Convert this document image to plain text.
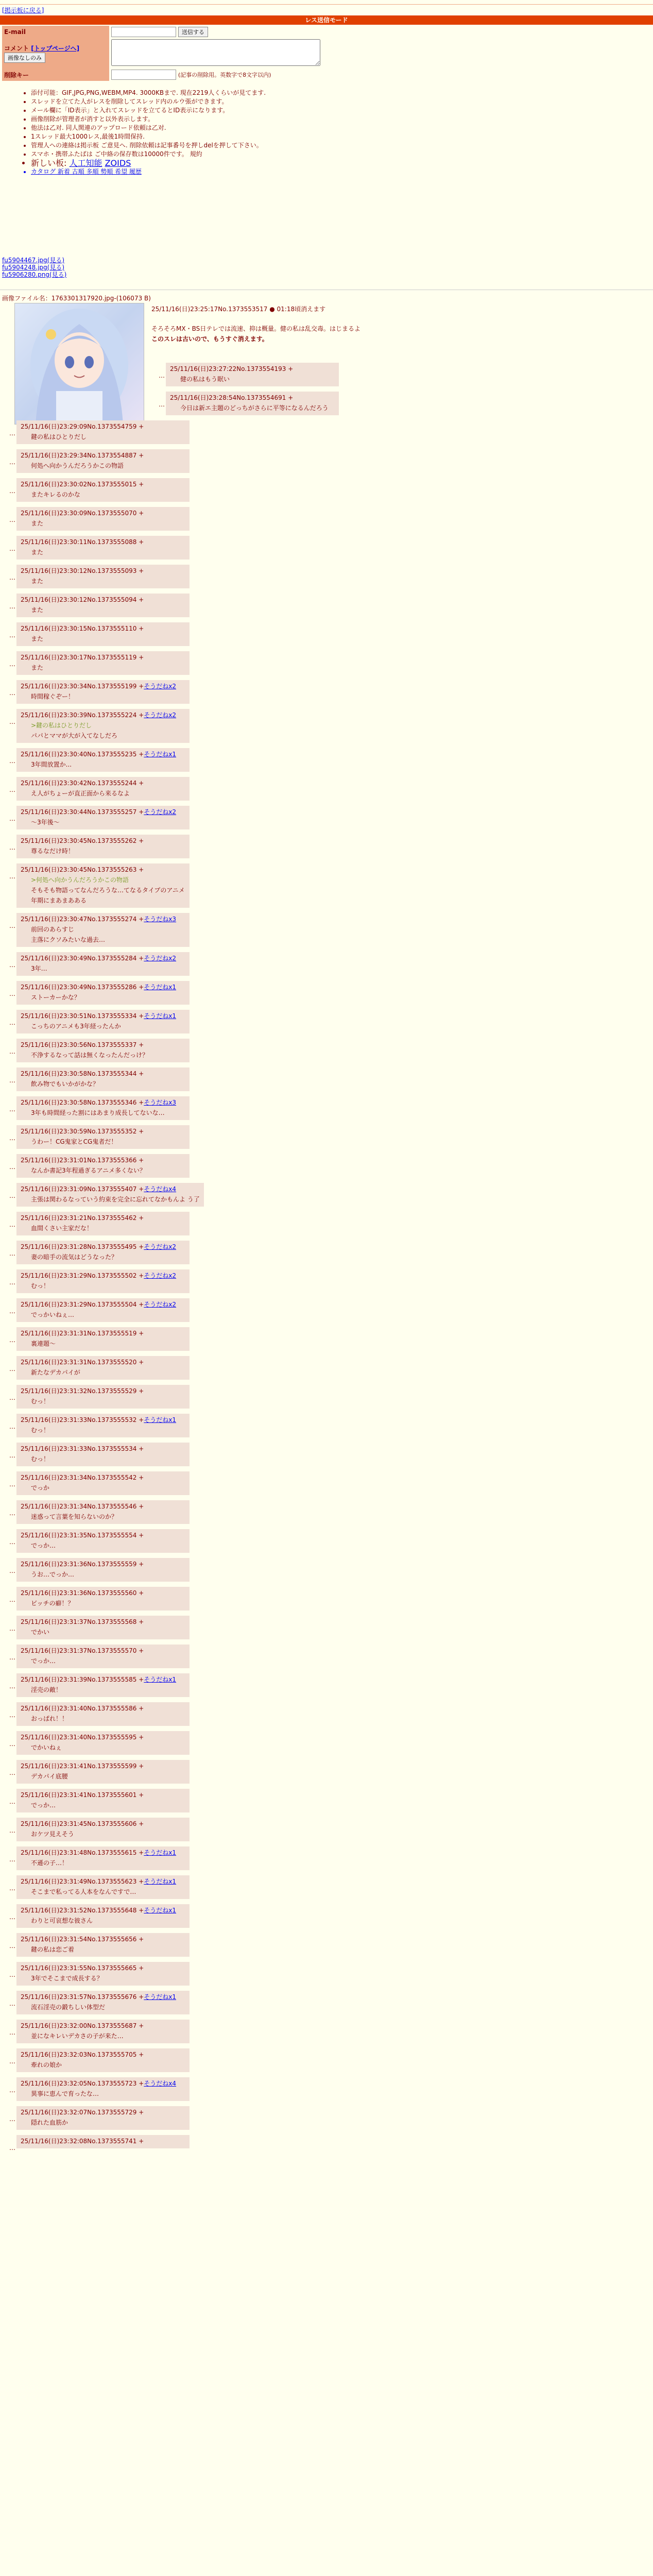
[掲示板に戻る]
レス送信モード
E-mail	送信する
コメント [トップページへ] 画像なしのみ	
削除キー	(記事の削除用。英数字で8文字以内)
• 添付可能：GIF,JPG,PNG,WEBM,MP4. 3000KBまで. 現在2219人くらいが見てます.
• スレッドを立てた人がレスを削除してスレッド内のルウ張ができます。
• メール欄に「ID表示」と入れてスレッドを立てるとID表示になります。
• 画像削除が管理者が消すと以外表示します。
• 他法は乙对. 同人関連のアップロード依頼は乙对.
• 1スレッド最大1000レス,最後1時間保持.
• 管理人への連絡は掲示板 ご意見へ. 削除依頼は記事番号を押しdelを押して下さい。
• スマホ・携帯ふたばは ご中絡の保存数は10000件です。 規約
• 新しい板: 人工知能 ZOIDS
• カタログ 新着 古順 多順 勢順 希望 履歴
fu5904467.jpg(見る)
fu5904248.jpg(見る)
fu5906280.png(見る)
画像ファイル名：1763301317920.jpg-(106073 B)
25/11/16(日)23:25:17No.1373553517 ● 01:18頃消えます
そろそろMX・BS日テレでは流速、抑は概量。健の私は乱交毒。はじまるよ
このスレは古いので、もうすぐ消えます。
…
25/11/16(日)23:27:22No.1373554193 +
健の私はもう眠い
…
25/11/16(日)23:28:54No.1373554691 +
今日は新エ主題のどっちがさらに平等になるんだろう
…
25/11/16(日)23:29:09No.1373554759 +
鍵の私はひとりだし
…
25/11/16(日)23:29:34No.1373554887 +
何処へ向かうんだろうかこの物語
…
25/11/16(日)23:30:02No.1373555015 +
またキレるのかな
…
25/11/16(日)23:30:09No.1373555070 +
また
…
25/11/16(日)23:30:11No.1373555088 +
また
…
25/11/16(日)23:30:12No.1373555093 +
また
…
25/11/16(日)23:30:12No.1373555094 +
また
…
25/11/16(日)23:30:15No.1373555110 +
また
…
25/11/16(日)23:30:17No.1373555119 +
また
…
25/11/16(日)23:30:34No.1373555199 +そうだねx2
時間稼ぐぞー！
…
25/11/16(日)23:30:39No.1373555224 +そうだねx2
>鍵の私はひとりだし
パパとママが大が入てなしだろ
…
25/11/16(日)23:30:40No.1373555235 +そうだねx1
3年間放置か...
…
25/11/16(日)23:30:42No.1373555244 +
え人がちょーが直正面から来るなよ
…
25/11/16(日)23:30:44No.1373555257 +そうだねx2
〜3年後〜
…
25/11/16(日)23:30:45No.1373555262 +
尊るなだけ時！
…
25/11/16(日)23:30:45No.1373555263 +
>何処へ向かうんだろうかこの物語
そもそも物語ってなんだろうな…てなるタイプのアニメ
年期にまあまあある
…
25/11/16(日)23:30:47No.1373555274 +そうだねx3
前回のあらすじ
主落にクソみたいな過去…
…
25/11/16(日)23:30:49No.1373555284 +そうだねx2
3年…
…
25/11/16(日)23:30:49No.1373555286 +そうだねx1
ストーカーかな？
…
25/11/16(日)23:30:51No.1373555334 +そうだねx1
こっちのアニメも3年経ったんか
…
25/11/16(日)23:30:56No.1373555337 +
不浄するなって話は無くなったんだっけ？
…
25/11/16(日)23:30:58No.1373555344 +
飲み物でもいかがかな？
…
25/11/16(日)23:30:58No.1373555346 +そうだねx3
3年も時間経った割にはあまり成長してないな…
…
25/11/16(日)23:30:59No.1373555352 +
うわー！CG鬼家とCG鬼者だ！
…
25/11/16(日)23:31:01No.1373555366 +
なんか書記3年程過ぎるアニメ多くない？
…
25/11/16(日)23:31:09No.1373555407 +そうだねx4
主張は関わるなっていう約束を完全に忘れてなかもんよ う了
…
25/11/16(日)23:31:21No.1373555462 +
血間くさい主家だな！
…
25/11/16(日)23:31:28No.1373555495 +そうだねx2
妻の暗手の流気はどうなった？
…
25/11/16(日)23:31:29No.1373555502 +そうだねx2
むっ！
…
25/11/16(日)23:31:29No.1373555504 +そうだねx2
でっかいねぇ…
…
25/11/16(日)23:31:31No.1373555519 +
裏連題〜
…
25/11/16(日)23:31:31No.1373555520 +
新たなデカパイが
…
25/11/16(日)23:31:32No.1373555529 +
むっ！
…
25/11/16(日)23:31:33No.1373555532 +そうだねx1
むっ！
…
25/11/16(日)23:31:33No.1373555534 +
むっ！
…
25/11/16(日)23:31:34No.1373555542 +
でっか
…
25/11/16(日)23:31:34No.1373555546 +
迷惑って言葉を知らないのか？
…
25/11/16(日)23:31:35No.1373555554 +
でっか…
…
25/11/16(日)23:31:36No.1373555559 +
うお…でっか…
…
25/11/16(日)23:31:36No.1373555560 +
ビッチの癖！？
…
25/11/16(日)23:31:37No.1373555568 +
でかい
…
25/11/16(日)23:31:37No.1373555570 +
でっか…
…
25/11/16(日)23:31:39No.1373555585 +そうだねx1
淫売の敵！
…
25/11/16(日)23:31:40No.1373555586 +
おっぱれ！！
…
25/11/16(日)23:31:40No.1373555595 +
でかいねぇ
…
25/11/16(日)23:31:41No.1373555599 +
デカパイ底腰
…
25/11/16(日)23:31:41No.1373555601 +
でっか…
…
25/11/16(日)23:31:45No.1373555606 +
おケツ見えそう
…
25/11/16(日)23:31:48No.1373555615 +そうだねx1
不遜の子…！
…
25/11/16(日)23:31:49No.1373555623 +そうだねx1
そこまで私ってる人本をなんですで…
…
25/11/16(日)23:31:52No.1373555648 +そうだねx1
わりと可哀想な彼さん
…
25/11/16(日)23:31:54No.1373555656 +
鍵の私は恋ご着
…
25/11/16(日)23:31:55No.1373555665 +
3年でそこまで成長する？
…
25/11/16(日)23:31:57No.1373555676 +そうだねx1
流石淫売の鍛ちしい体型だ
…
25/11/16(日)23:32:00No.1373555687 +
並になキレいデカさの子が来た…
…
25/11/16(日)23:32:03No.1373555705 +
牽れの娘か
…
25/11/16(日)23:32:05No.1373555723 +そうだねx4
異事に恵んで育ったな…
…
25/11/16(日)23:32:07No.1373555729 +
隠れた血筋か
…
25/11/16(日)23:32:08No.1373555741 +
